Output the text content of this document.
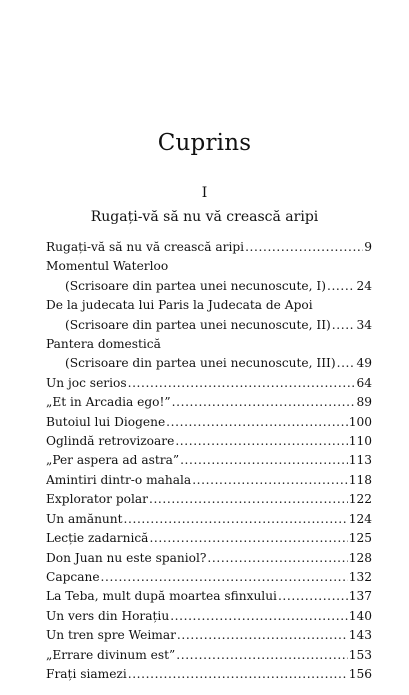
Cuprins
I
Rugați-vă să nu vă crească aripi
Rugați-vă să nu vă crească aripi .....	9
Momentul Waterloo
(Scrisoare din partea unei necunoscute, I) .....	24
De la judecata lui Paris la Judecata de Apoi
(Scrisoare din partea unei necunoscute, II) ..... 34
Pantera domestică
(Scrisoare din partea unei necunoscute, III) ..... 49
Un joc serios .....	64
„Et in Arcadia ego!” .....	89
Butoiul lui Diogene .....	100
Oglindă retrovizoare .....	110
„Per aspera ad astra” .....	113
Amintiri dintr-o mahala .....	118
Explorator polar .....	122
Un amănunt .....	124
Lecție zadarnică .....	125
Don Juan nu este spaniol? .....	128
Capcane .....	132
La Teba, mult după moartea sfinxului .....	137
Un vers din Horațiu .....	140
Un tren spre Weimar .....	143
„Errare divinum est” .....	153
Frați siamezi .....	156
